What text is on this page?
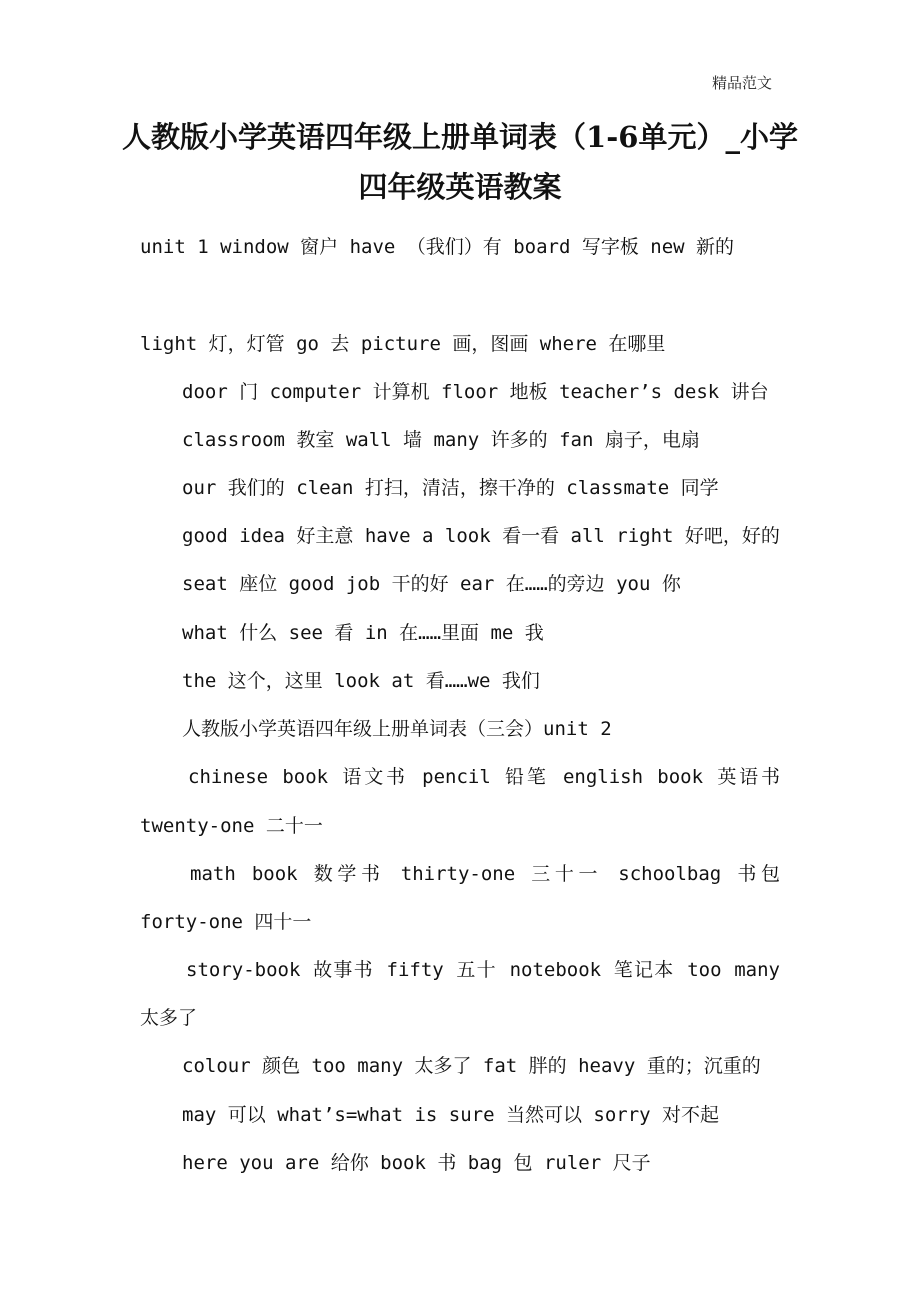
精品范文
人教版小学英语四年级上册单词表（1-6单元）_小学
四年级英语教案
unit 1 window 窗户 have （我们）有 board 写字板 new 新的
light 灯，灯管 go 去 picture 画，图画 where 在哪里
door 门 computer 计算机 floor 地板 teacher’s desk 讲台
classroom 教室 wall 墙 many 许多的 fan 扇子，电扇
our 我们的 clean 打扫，清洁，擦干净的 classmate 同学
good idea 好主意 have a look 看一看 all right 好吧，好的
seat 座位 good job 干的好 ear 在……的旁边 you 你
what 什么 see 看 in 在……里面 me 我
the 这个，这里 look at 看……we 我们
人教版小学英语四年级上册单词表（三会）unit 2
chinese book 语文书 pencil 铅笔 english book 英语书
twenty-one 二十一
math book 数学书 thirty-one 三十一 schoolbag 书包
forty-one 四十一
story-book 故事书 fifty 五十 notebook 笔记本 too many
太多了
colour 颜色 too many 太多了 fat 胖的 heavy 重的；沉重的
may 可以 what’s=what is sure 当然可以 sorry 对不起
here you are 给你 book 书 bag 包 ruler 尺子
